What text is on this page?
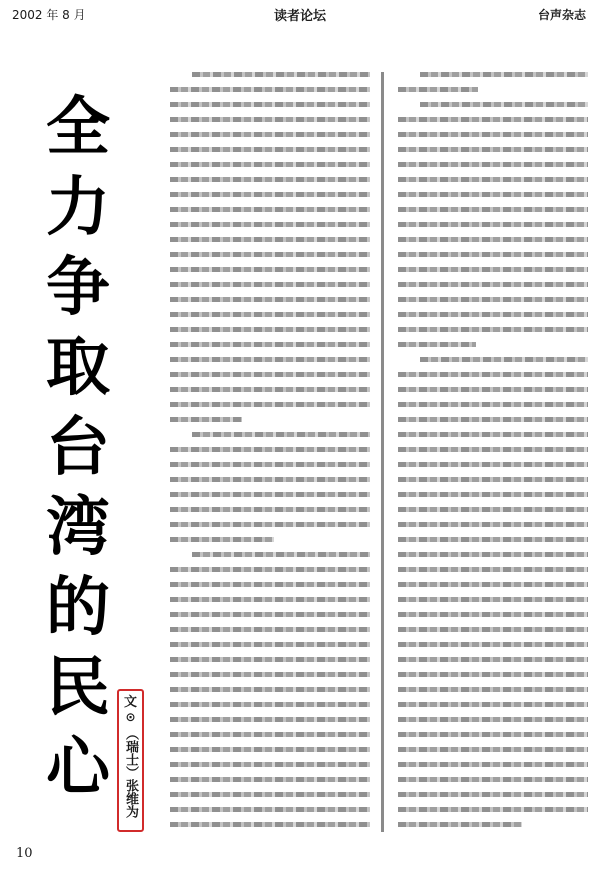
2002 年 8 月	读者论坛	台声杂志
全
力
争
取
台
湾
的
民
心
文
⊙
（瑞士）张维为
10
